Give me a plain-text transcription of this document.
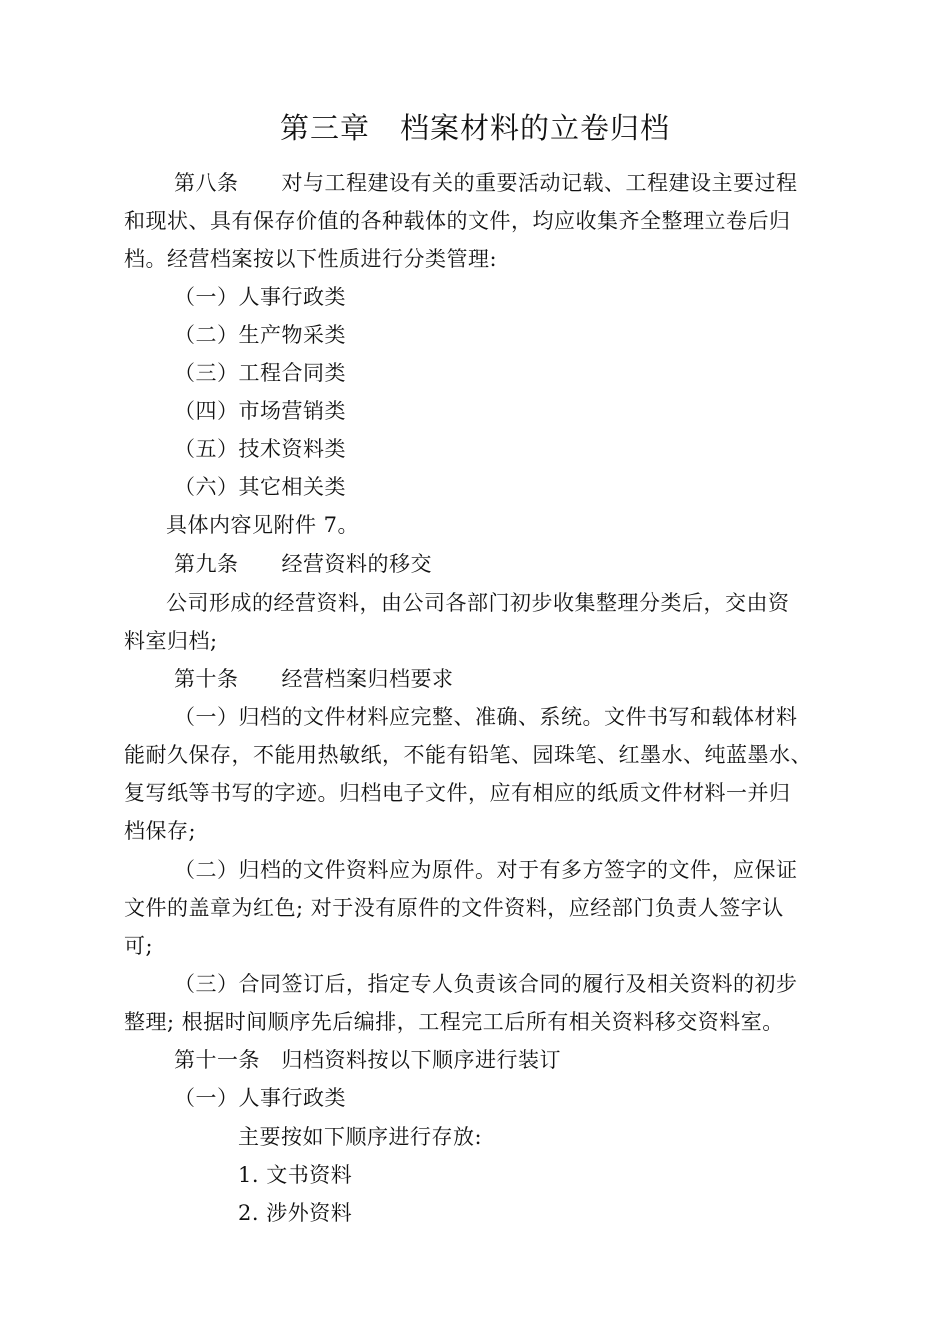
第三章　档案材料的立卷归档
第八条　　对与工程建设有关的重要活动记载、工程建设主要过程
和现状、具有保存价值的各种载体的文件，均应收集齐全整理立卷后归
档。经营档案按以下性质进行分类管理:
（一）人事行政类
（二）生产物采类
（三）工程合同类
（四）市场营销类
（五）技术资料类
（六）其它相关类
具体内容见附件 7。
第九条　　经营资料的移交
公司形成的经营资料，由公司各部门初步收集整理分类后，交由资
料室归档;
第十条　　经营档案归档要求
（一）归档的文件材料应完整、准确、系统。文件书写和载体材料
能耐久保存，不能用热敏纸，不能有铅笔、园珠笔、红墨水、纯蓝墨水、
复写纸等书写的字迹。归档电子文件，应有相应的纸质文件材料一并归
档保存;
（二）归档的文件资料应为原件。对于有多方签字的文件，应保证
文件的盖章为红色; 对于没有原件的文件资料，应经部门负责人签字认
可;
（三）合同签订后，指定专人负责该合同的履行及相关资料的初步
整理; 根据时间顺序先后编排，工程完工后所有相关资料移交资料室。
第十一条　归档资料按以下顺序进行装订
（一）人事行政类
主要按如下顺序进行存放:
1. 文书资料
2. 涉外资料
